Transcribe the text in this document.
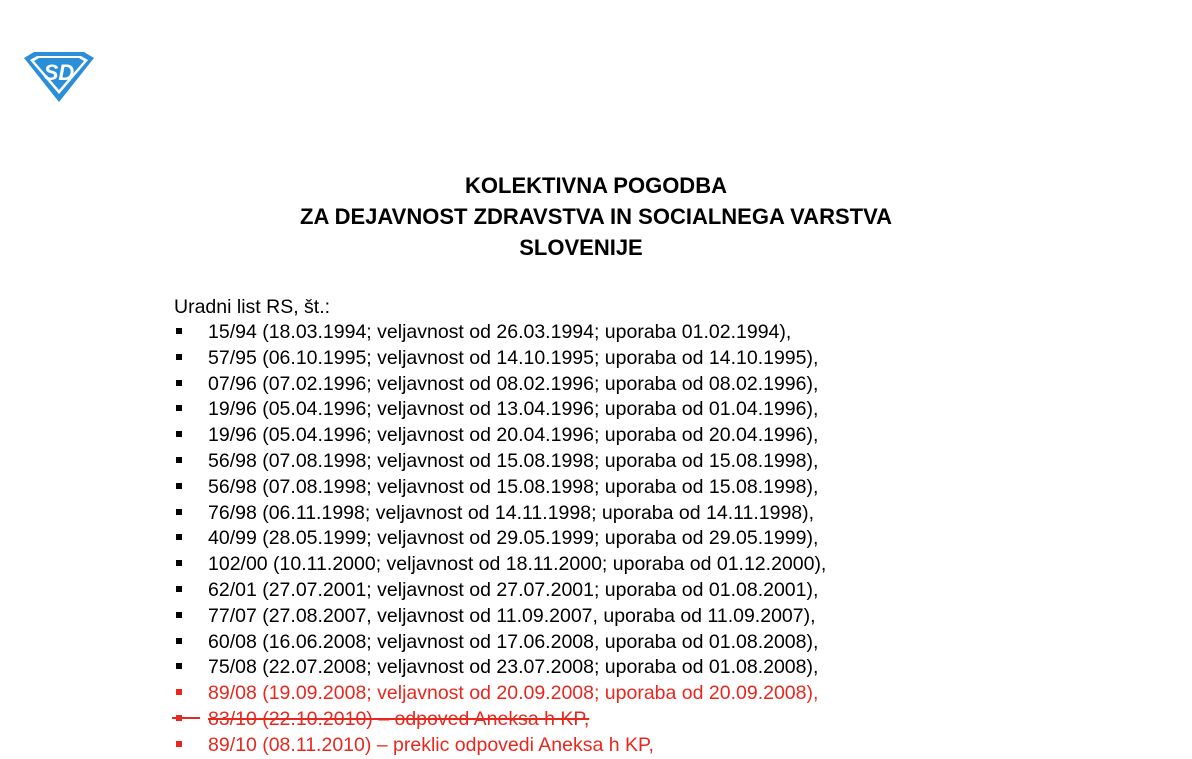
SD
KOLEKTIVNA POGODBA
ZA DEJAVNOST ZDRAVSTVA IN SOCIALNEGA VARSTVA
SLOVENIJE
Uradni list RS, št.:
15/94 (18.03.1994; veljavnost od 26.03.1994; uporaba 01.02.1994),
57/95 (06.10.1995; veljavnost od 14.10.1995; uporaba od 14.10.1995),
07/96 (07.02.1996; veljavnost od 08.02.1996; uporaba od 08.02.1996),
19/96 (05.04.1996; veljavnost od 13.04.1996; uporaba od 01.04.1996),
19/96 (05.04.1996; veljavnost od 20.04.1996; uporaba od 20.04.1996),
56/98 (07.08.1998; veljavnost od 15.08.1998; uporaba od 15.08.1998),
56/98 (07.08.1998; veljavnost od 15.08.1998; uporaba od 15.08.1998),
76/98 (06.11.1998; veljavnost od 14.11.1998; uporaba od 14.11.1998),
40/99 (28.05.1999; veljavnost od 29.05.1999; uporaba od 29.05.1999),
102/00 (10.11.2000; veljavnost od 18.11.2000; uporaba od 01.12.2000),
62/01 (27.07.2001; veljavnost od 27.07.2001; uporaba od 01.08.2001),
77/07 (27.08.2007, veljavnost od 11.09.2007, uporaba od 11.09.2007),
60/08 (16.06.2008; veljavnost od 17.06.2008, uporaba od 01.08.2008),
75/08 (22.07.2008; veljavnost od 23.07.2008; uporaba od 01.08.2008),
89/08 (19.09.2008; veljavnost od 20.09.2008; uporaba od 20.09.2008),
83/10 (22.10.2010) – odpoved Aneksa h KP,
89/10 (08.11.2010) – preklic odpovedi Aneksa h KP,
